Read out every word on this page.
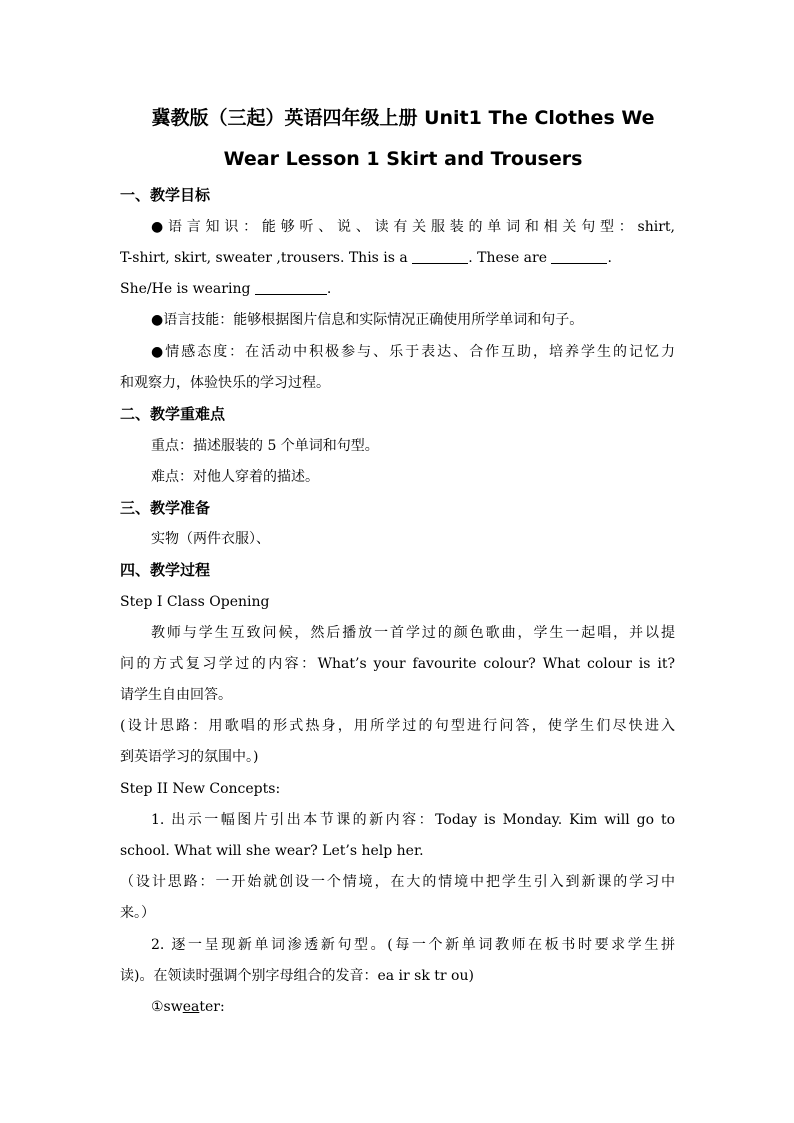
冀教版（三起）英语四年级上册 Unit1 The Clothes We
Wear Lesson 1 Skirt and Trousers
一、教学目标
●语言知识：能够听、说、读有关服装的单词和相关句型：shirt,
T-shirt, skirt, sweater ,trousers. This is a	. These are	.
She/He is wearing	.
●语言技能：能够根据图片信息和实际情况正确使用所学单词和句子。
●情感态度：在活动中积极参与、乐于表达、合作互助，培养学生的记忆力
和观察力，体验快乐的学习过程。
二、教学重难点
重点：描述服装的 5 个单词和句型。
难点：对他人穿着的描述。
三、教学准备
实物（两件衣服）、
四、教学过程
Step I Class Opening
教师与学生互致问候，然后播放一首学过的颜色歌曲，学生一起唱，并以提
问的方式复习学过的内容：What’s your favourite colour? What colour is it?
请学生自由回答。
(设计思路：用歌唱的形式热身，用所学过的句型进行问答，使学生们尽快进入
到英语学习的氛围中。)
Step II New Concepts:
1. 出示一幅图片引出本节课的新内容：Today is Monday. Kim will go to
school. What will she wear? Let’s help her.
（设计思路：一开始就创设一个情境，在大的情境中把学生引入到新课的学习中
来。）
2. 逐一呈现新单词渗透新句型。(每一个新单词教师在板书时要求学生拼
读)。在领读时强调个别字母组合的发音：ea ir sk tr ou)
①sweater:
